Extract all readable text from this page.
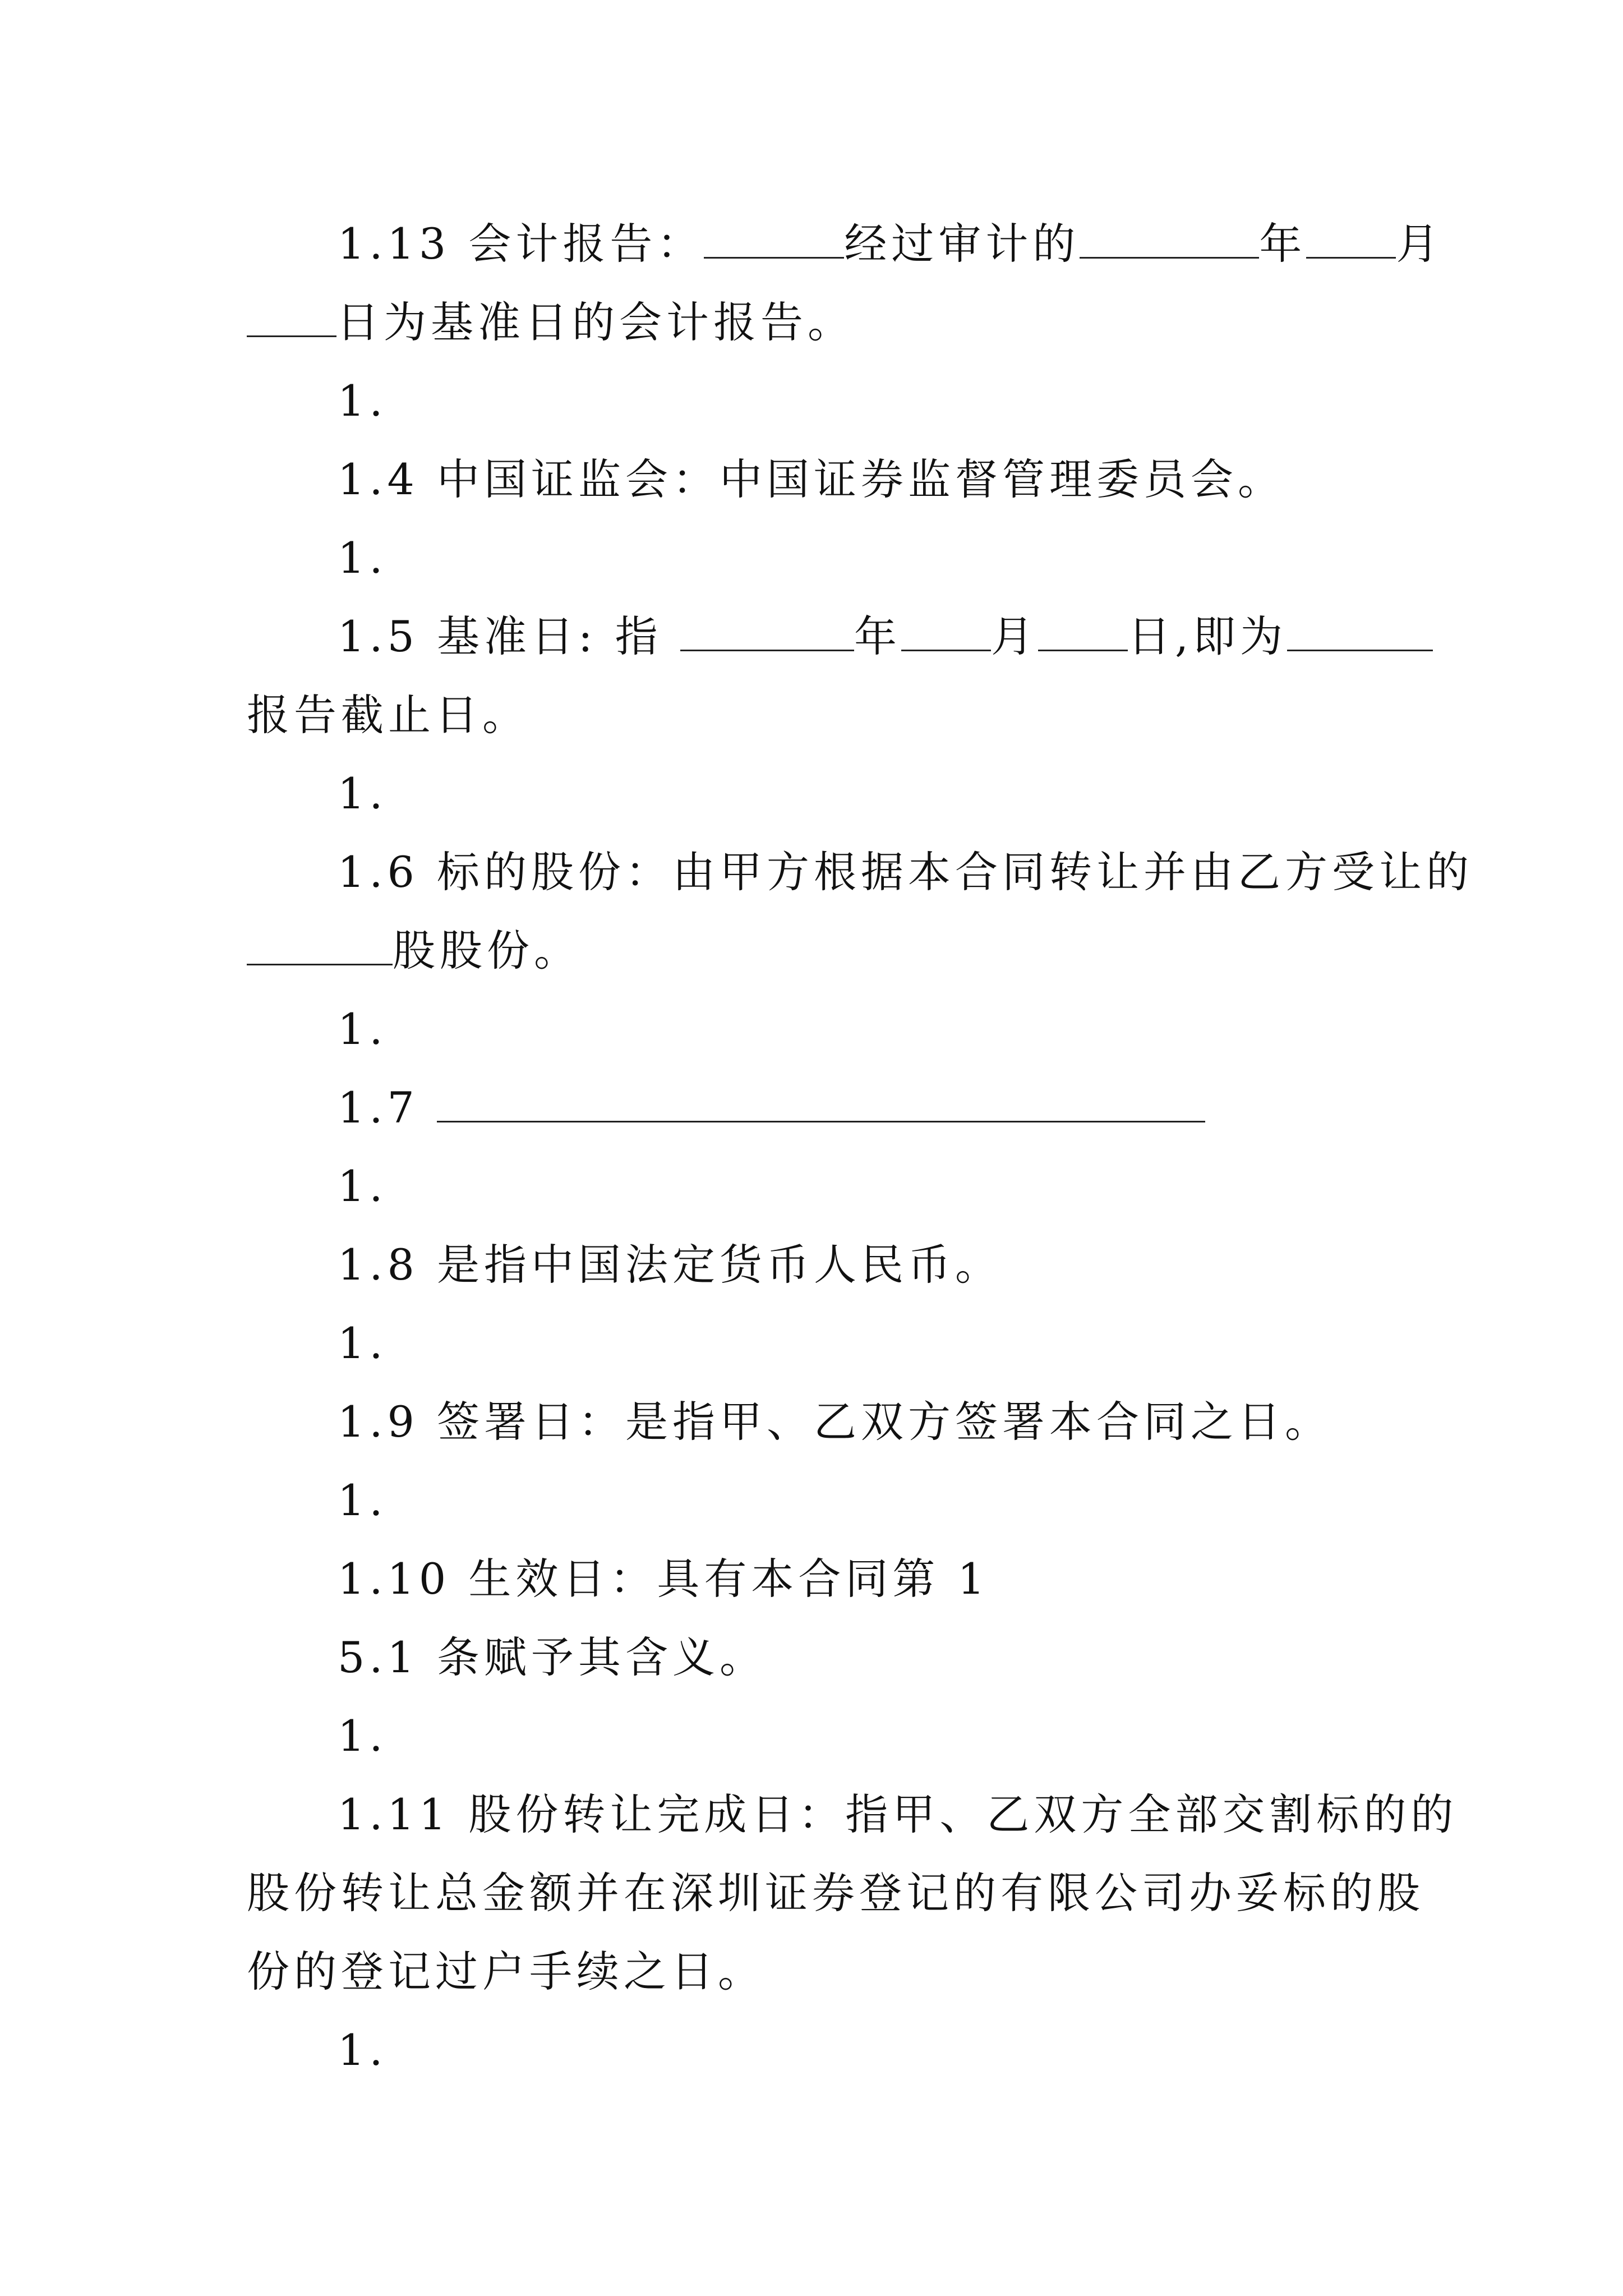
1.13 会计报告：	经过审计的	年 月
日为基准日的会计报告。
1.
1.4 中国证监会：中国证券监督管理委员会。
1.
1.5 基准日: 指	年 月 日,即为
报告截止日。
1.
1.6 标的股份：由甲方根据本合同转让并由乙方受让的
股股份。
1.
1.7
1.
1.8 是指中国法定货币人民币。
1.
1.9 签署日：是指甲、乙双方签署本合同之日。
1.
1.10 生效日：具有本合同第 1
5.1 条赋予其含义。
1.
1.11 股份转让完成日：指甲、乙双方全部交割标的的
股份转让总金额并在深圳证券登记的有限公司办妥标的股
份的登记过户手续之日。
1.
